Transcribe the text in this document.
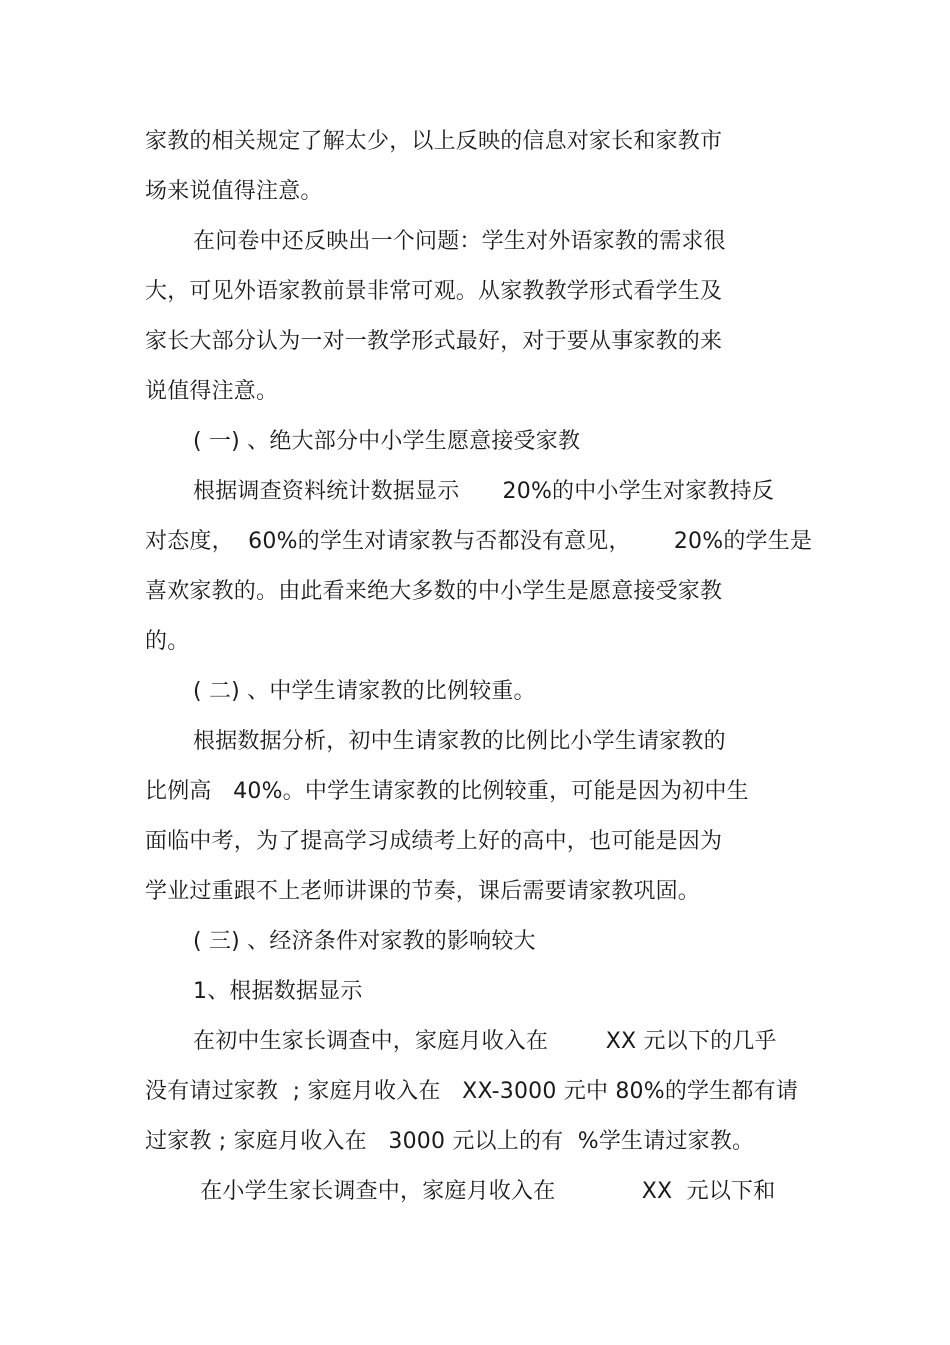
家教的相关规定了解太少，以上反映的信息对家长和家教市
场来说值得注意。
在问卷中还反映出一个问题：学生对外语家教的需求很
大，可见外语家教前景非常可观。从家教教学形式看学生及
家长大部分认为一对一教学形式最好，对于要从事家教的来
说值得注意。
( 一) 、绝大部分中小学生愿意接受家教
根据调查资料统计数据显示      20%的中小学生对家教持反
对态度，  60%的学生对请家教与否都没有意见，      20%的学生是
喜欢家教的。由此看来绝大多数的中小学生是愿意接受家教
的。
( 二) 、中学生请家教的比例较重。
根据数据分析，初中生请家教的比例比小学生请家教的
比例高   40%。中学生请家教的比例较重，可能是因为初中生
面临中考，为了提高学习成绩考上好的高中，也可能是因为
学业过重跟不上老师讲课的节奏，课后需要请家教巩固。
( 三) 、经济条件对家教的影响较大
1、根据数据显示
在初中生家长调查中，家庭月收入在        XX 元以下的几乎
没有请过家教  ; 家庭月收入在   XX-3000 元中 80%的学生都有请
过家教 ; 家庭月收入在   3000 元以上的有  %学生请过家教。
在小学生家长调查中，家庭月收入在            XX  元以下和
